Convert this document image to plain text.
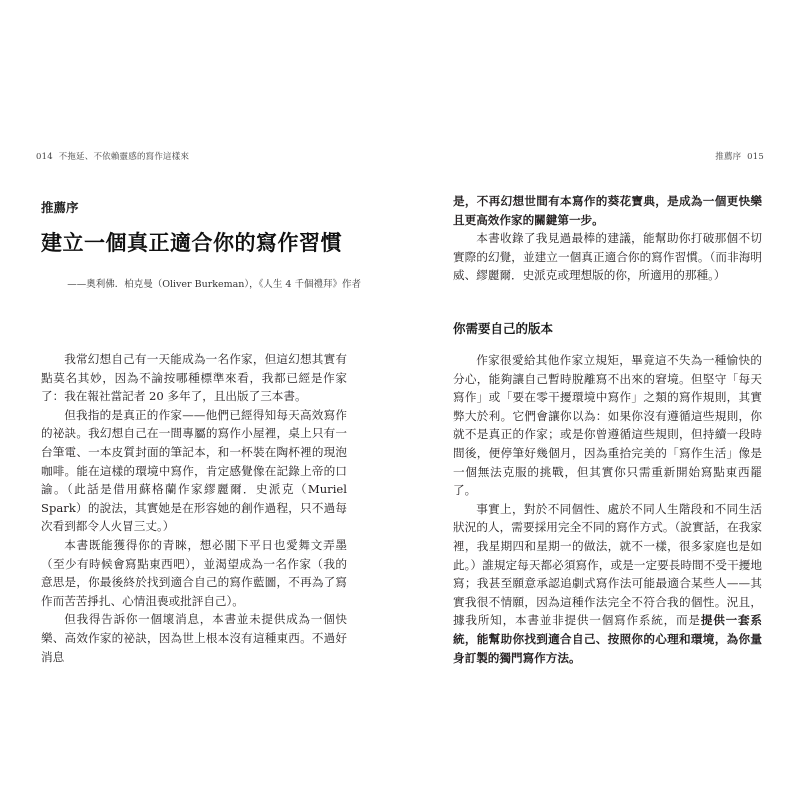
014 不拖延、不依賴靈感的寫作這樣來	推薦序 015
推薦序
建立一個真正適合你的寫作習慣
——奧利佛．柏克曼（Oliver Burkeman），《人生 4 千個禮拜》作者

我常幻想自己有一天能成為一名作家，但這幻想其實有點莫名其妙，因為不論按哪種標準來看，我都已經是作家了：我在報社當記者 20 多年了，且出版了三本書。

但我指的是真正的作家——他們已經得知每天高效寫作的祕訣。我幻想自己在一間專屬的寫作小屋裡，桌上只有一台筆電、一本皮質封面的筆記本，和一杯裝在陶杯裡的現泡咖啡。能在這樣的環境中寫作，肯定感覺像在記錄上帝的口諭。（此話是借用蘇格蘭作家繆麗爾．史派克（Muriel Spark）的說法，其實她是在形容她的創作過程，只不過每次看到都令人火冒三丈。）

本書既能獲得你的青睞，想必閣下平日也愛舞文弄墨（至少有時候會寫點東西吧），並渴望成為一名作家（我的意思是，你最後終於找到適合自己的寫作藍圖，不再為了寫作而苦苦掙扎、心情沮喪或批評自己）。

但我得告訴你一個壞消息，本書並未提供成為一個快樂、高效作家的祕訣，因為世上根本沒有這種東西。不過好消息

是，不再幻想世間有本寫作的葵花寶典，是成為一個更快樂且更高效作家的關鍵第一步。

本書收錄了我見過最棒的建議，能幫助你打破那個不切實際的幻覺，並建立一個真正適合你的寫作習慣。（而非海明威、繆麗爾．史派克或理想版的你，所適用的那種。）

你需要自己的版本

作家很愛給其他作家立規矩，畢竟這不失為一種愉快的分心，能夠讓自己暫時脫離寫不出來的窘境。但堅守「每天寫作」或「要在零干擾環境中寫作」之類的寫作規則，其實弊大於利。它們會讓你以為：如果你沒有遵循這些規則，你就不是真正的作家；或是你曾遵循這些規則，但持續一段時間後，便停筆好幾個月，因為重拾完美的「寫作生活」像是一個無法克服的挑戰，但其實你只需重新開始寫點東西罷了。

事實上，對於不同個性、處於不同人生階段和不同生活狀況的人，需要採用完全不同的寫作方式。（說實話，在我家裡，我星期四和星期一的做法，就不一樣，很多家庭也是如此。）誰規定每天都必須寫作，或是一定要長時間不受干擾地寫；我甚至願意承認追劇式寫作法可能最適合某些人——其實我很不情願，因為這種作法完全不符合我的個性。況且，據我所知，本書並非提供一個寫作系統，而是提供一套系統，能幫助你找到適合自己、按照你的心理和環境，為你量身訂製的獨門寫作方法。
